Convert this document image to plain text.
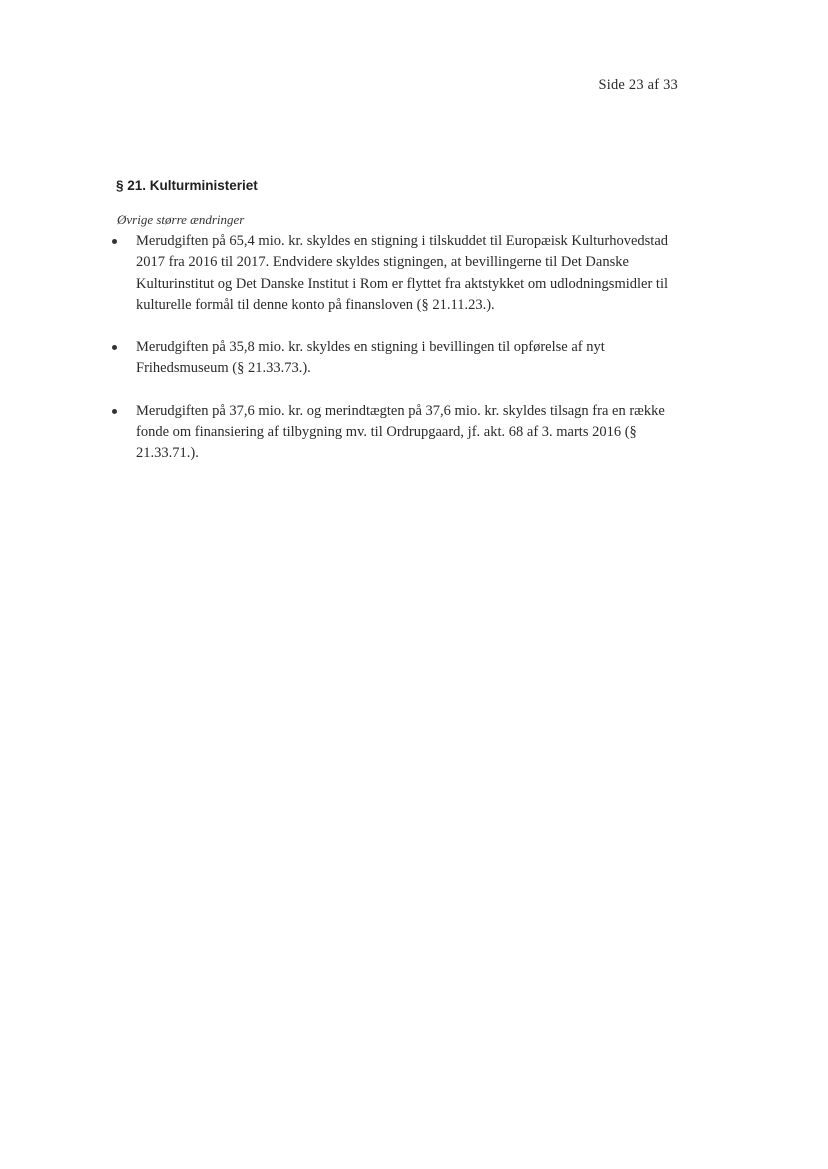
Side 23 af 33
§ 21. Kulturministeriet
Øvrige større ændringer
Merudgiften på 65,4 mio. kr. skyldes en stigning i tilskuddet til Europæisk Kulturhovedstad 2017 fra 2016 til 2017. Endvidere skyldes stigningen, at bevillingerne til Det Danske Kulturinstitut og Det Danske Institut i Rom er flyttet fra aktstykket om udlodningsmidler til kulturelle formål til denne konto på finansloven (§ 21.11.23.).
Merudgiften på 35,8 mio. kr. skyldes en stigning i bevillingen til opførelse af nyt Frihedsmuseum (§ 21.33.73.).
Merudgiften på 37,6 mio. kr. og merindtægten på 37,6 mio. kr. skyldes tilsagn fra en række fonde om finansiering af tilbygning mv. til Ordrupgaard, jf. akt. 68 af 3. marts 2016 (§ 21.33.71.).
